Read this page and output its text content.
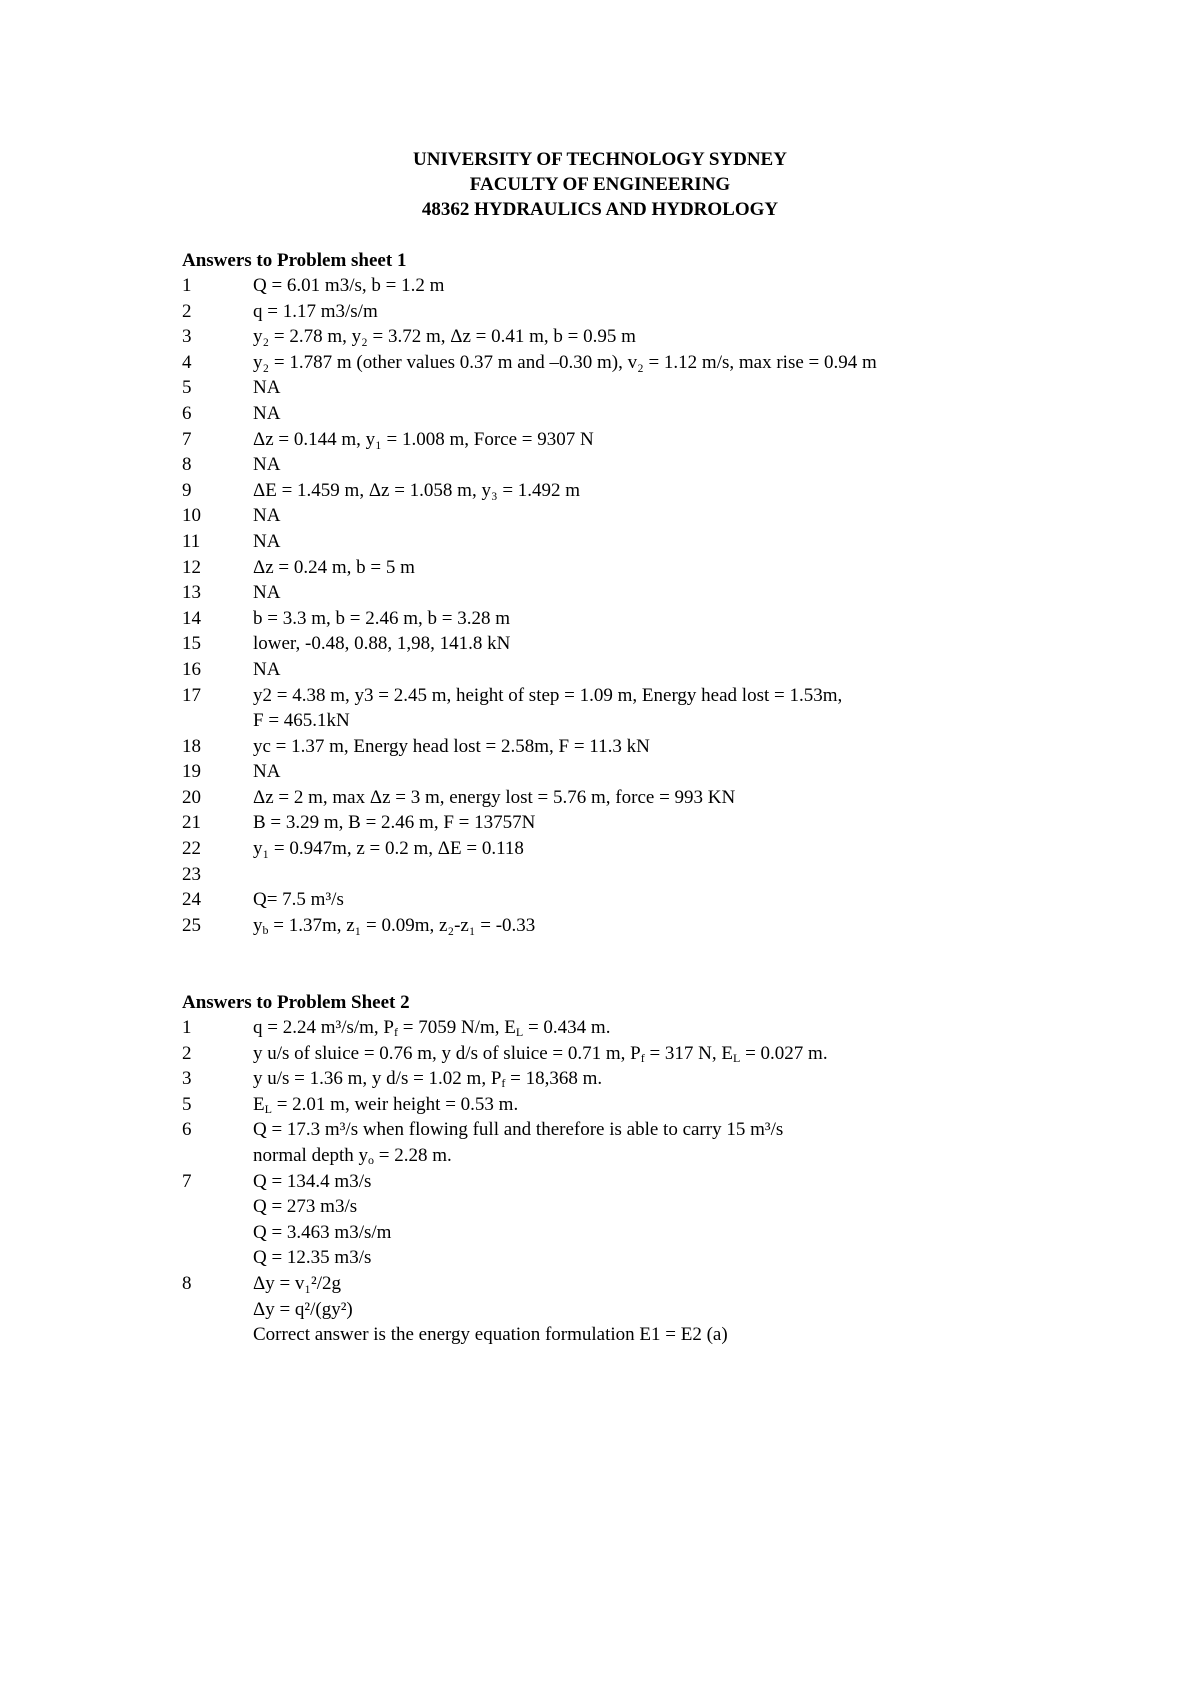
UNIVERSITY OF TECHNOLOGY SYDNEY
FACULTY OF ENGINEERING
48362 HYDRAULICS AND HYDROLOGY
Answers to Problem sheet 1
1	Q = 6.01 m3/s, b = 1.2 m
2	q = 1.17 m3/s/m
3	y₂ = 2.78 m, y₂ = 3.72 m, Δz = 0.41 m, b = 0.95 m
4	y₂ = 1.787 m (other values 0.37 m and –0.30 m), v₂ = 1.12 m/s, max rise = 0.94 m
5	NA
6	NA
7	Δz = 0.144 m, y₁ = 1.008 m, Force = 9307 N
8	NA
9	ΔE = 1.459 m, Δz = 1.058 m, y₃ = 1.492 m
10	NA
11	NA
12	Δz = 0.24 m, b = 5 m
13	NA
14	b = 3.3 m, b = 2.46 m, b = 3.28 m
15	lower, -0.48, 0.88, 1,98, 141.8 kN
16	NA
17	y2 = 4.38 m, y3 = 2.45 m, height of step = 1.09 m, Energy head lost = 1.53m,
F = 465.1kN
18	yc = 1.37 m, Energy head lost = 2.58m, F = 11.3 kN
19	NA
20	Δz = 2 m, max Δz = 3 m, energy lost = 5.76 m, force = 993 KN
21	B = 3.29 m, B = 2.46 m, F = 13757N
22	y₁ = 0.947m, z = 0.2 m, ΔE = 0.118
23
24	Q= 7.5 m³/s
25	$y_b = 1.37m$, z₁ = 0.09m, z₂-z₁ = -0.33
Answers to Problem Sheet 2
1	q = 2.24 m³/s/m, $P_f = 7059$ N/m, $E_L = 0.434$ m.
2	y u/s of sluice = 0.76 m, y d/s of sluice = 0.71 m, $P_f = 317$ N, $E_L = 0.027$ m.
3	y u/s = 1.36 m, y d/s = 1.02 m, $P_f = 18,368$ m.
5	$E_L = 2.01$ m, weir height = 0.53 m.
6	Q = 17.3 m³/s when flowing full and therefore is able to carry 15 m³/s
normal depth $y_o = 2.28$ m.
7	Q = 134.4 m3/s
Q = 273 m3/s
Q = 3.463 m3/s/m
Q = 12.35 m3/s
8	Δy = v₁²/2g
Δy = q²/(gy²)
Correct answer is the energy equation formulation E1 = E2 (a)
